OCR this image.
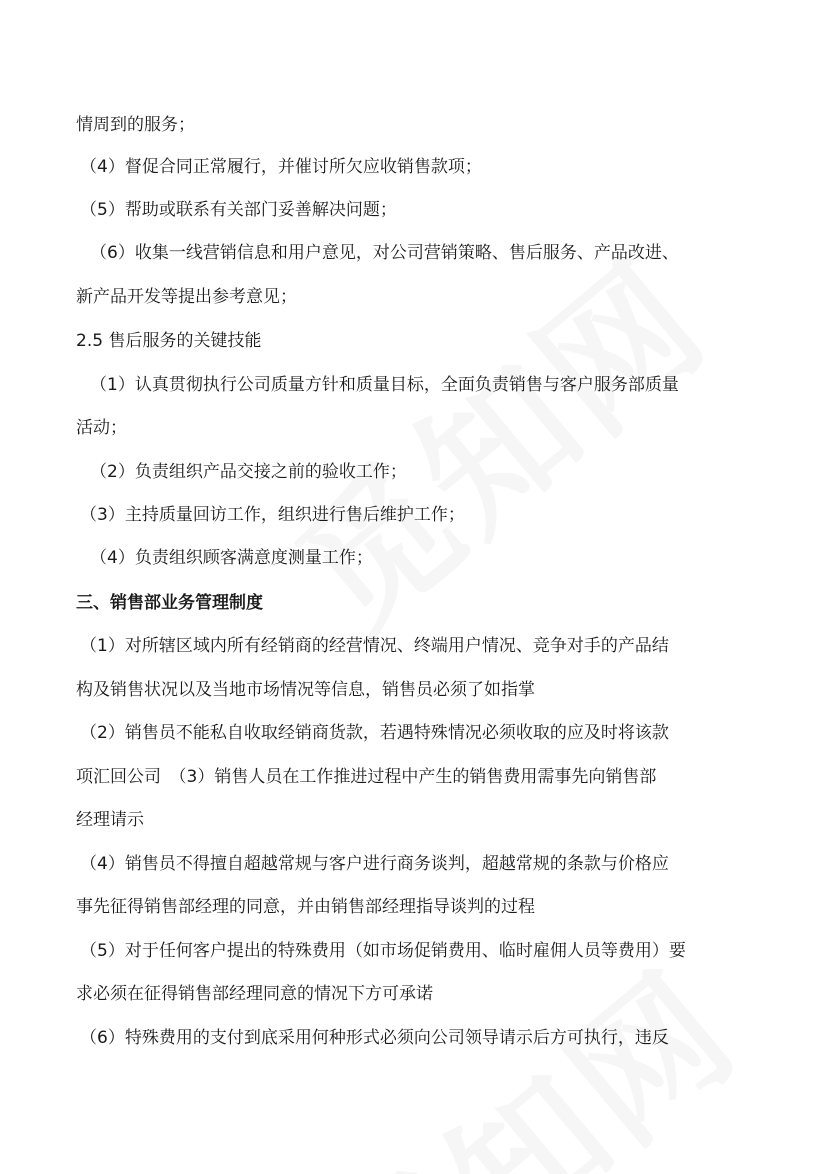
情周到的服务；
（4）督促合同正常履行，并催讨所欠应收销售款项；
（5）帮助或联系有关部门妥善解决问题；
（6）收集一线营销信息和用户意见，对公司营销策略、售后服务、产品改进、
新产品开发等提出参考意见；
2.5 售后服务的关键技能
（1）认真贯彻执行公司质量方针和质量目标，全面负责销售与客户服务部质量
活动；
（2）负责组织产品交接之前的验收工作；
（3）主持质量回访工作，组织进行售后维护工作；
（4）负责组织顾客满意度测量工作；
三、销售部业务管理制度
（1）对所辖区域内所有经销商的经营情况、终端用户情况、竞争对手的产品结
构及销售状况以及当地市场情况等信息，销售员必须了如指掌
（2）销售员不能私自收取经销商货款，若遇特殊情况必须收取的应及时将该款
项汇回公司　（3）销售人员在工作推进过程中产生的销售费用需事先向销售部
经理请示
（4）销售员不得擅自超越常规与客户进行商务谈判，超越常规的条款与价格应
事先征得销售部经理的同意，并由销售部经理指导谈判的过程
（5）对于任何客户提出的特殊费用（如市场促销费用、临时雇佣人员等费用）要
求必须在征得销售部经理同意的情况下方可承诺
（6）特殊费用的支付到底采用何种形式必须向公司领导请示后方可执行，违反
